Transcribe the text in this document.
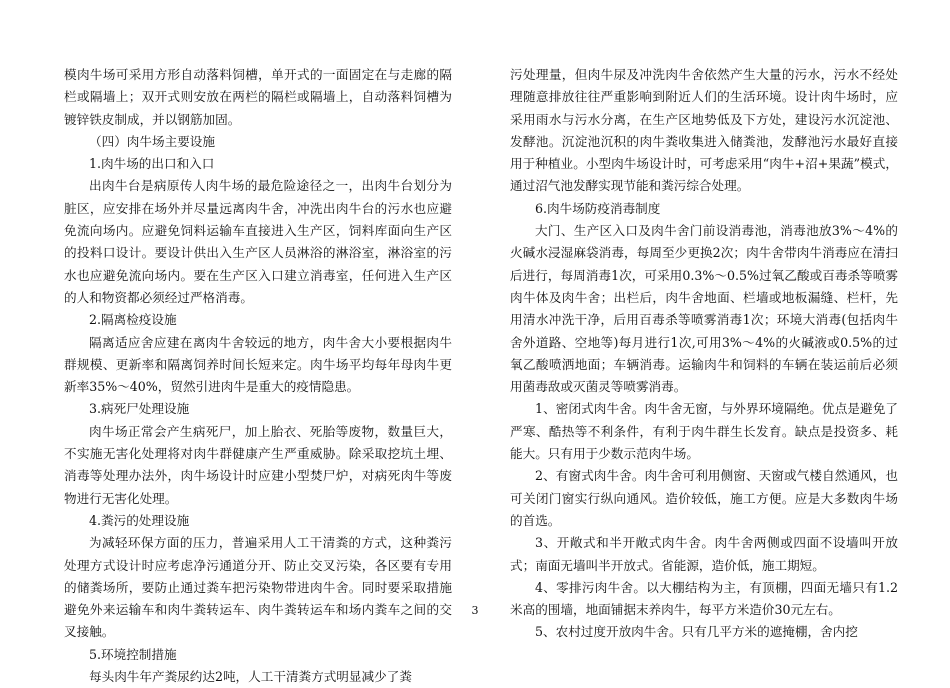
模肉牛场可采用方形自动落料饲槽，单开式的一面固定在与走廊的隔栏或隔墙上；双开式则安放在两栏的隔栏或隔墙上，自动落料饲槽为镀锌铁皮制成，并以钢筋加固。

（四）肉牛场主要设施

1.肉牛场的出口和入口

出肉牛台是病原传人肉牛场的最危险途径之一，出肉牛台划分为脏区，应安排在场外并尽量远离肉牛舍，冲洗出肉牛台的污水也应避免流向场内。应避免饲料运输车直接进入生产区，饲料库面向生产区的投料口设计。要设计供出入生产区人员淋浴的淋浴室，淋浴室的污水也应避免流向场内。要在生产区入口建立消毒室，任何进入生产区的人和物资都必须经过严格消毒。

2.隔离检疫设施

隔离适应舍应建在离肉牛舍较远的地方，肉牛舍大小要根据肉牛群规模、更新率和隔离饲养时间长短来定。肉牛场平均每年母肉牛更新率35%～40%，贸然引进肉牛是重大的疫情隐患。

3.病死尸处理设施

肉牛场正常会产生病死尸，加上胎衣、死胎等废物，数量巨大，不实施无害化处理将对肉牛群健康产生严重威胁。除采取挖坑土埋、消毒等处理办法外，肉牛场设计时应建小型焚尸炉，对病死肉牛等废物进行无害化处理。

4.粪污的处理设施

为减轻环保方面的压力，普遍采用人工干清粪的方式，这种粪污处理方式设计时应考虑净污通道分开、防止交叉污染，各区要有专用的储粪场所，要防止通过粪车把污染物带进肉牛舍。同时要采取措施避免外来运输车和肉牛粪转运车、肉牛粪转运车和场内粪车之间的交叉接触。

5.环境控制措施

每头肉牛年产粪尿约达2吨，人工干清粪方式明显减少了粪

污处理量，但肉牛尿及冲洗肉牛舍依然产生大量的污水，污水不经处理随意排放往往严重影响到附近人们的生活环境。设计肉牛场时，应采用雨水与污水分离，在生产区地势低及下方处，建设污水沉淀池、发酵池。沉淀池沉积的肉牛粪收集进入储粪池，发酵池污水最好直接用于种植业。小型肉牛场设计时，可考虑采用“肉牛+沼+果蔬”模式，通过沼气池发酵实现节能和粪污综合处理。

6.肉牛场防疫消毒制度

大门、生产区入口及肉牛舍门前设消毒池，消毒池放3%～4%的火碱水浸湿麻袋消毒，每周至少更换2次；肉牛舍带肉牛消毒应在清扫后进行，每周消毒1次，可采用0.3%～0.5%过氧乙酸或百毒杀等喷雾肉牛体及肉牛舍；出栏后，肉牛舍地面、栏墙或地板漏缝、栏杆，先用清水冲洗干净，后用百毒杀等喷雾消毒1次；环境大消毒(包括肉牛舍外道路、空地等)每月进行1次,可用3%～4%的火碱液或0.5%的过氧乙酸喷洒地面；车辆消毒。运输肉牛和饲料的车辆在装运前后必须用菌毒敌或灭菌灵等喷雾消毒。

1、密闭式肉牛舍。肉牛舍无窗，与外界环境隔绝。优点是避免了严寒、酷热等不利条件，有利于肉牛群生长发育。缺点是投资多、耗能大。只有用于少数示范肉牛场。

2、有窗式肉牛舍。肉牛舍可利用侧窗、天窗或气楼自然通风，也可关闭门窗实行纵向通风。造价较低，施工方便。应是大多数肉牛场的首选。

3、开敞式和半开敞式肉牛舍。肉牛舍两侧或四面不设墙叫开放式；南面无墙叫半开放式。省能源，造价低，施工期短。

4、零排污肉牛舍。以大棚结构为主，有顶棚，四面无墙只有1.2米高的围墙，地面铺据末养肉牛，每平方米造价30元左右。

5、农村过度开放肉牛舍。只有几平方米的遮掩棚，舍内挖

3
